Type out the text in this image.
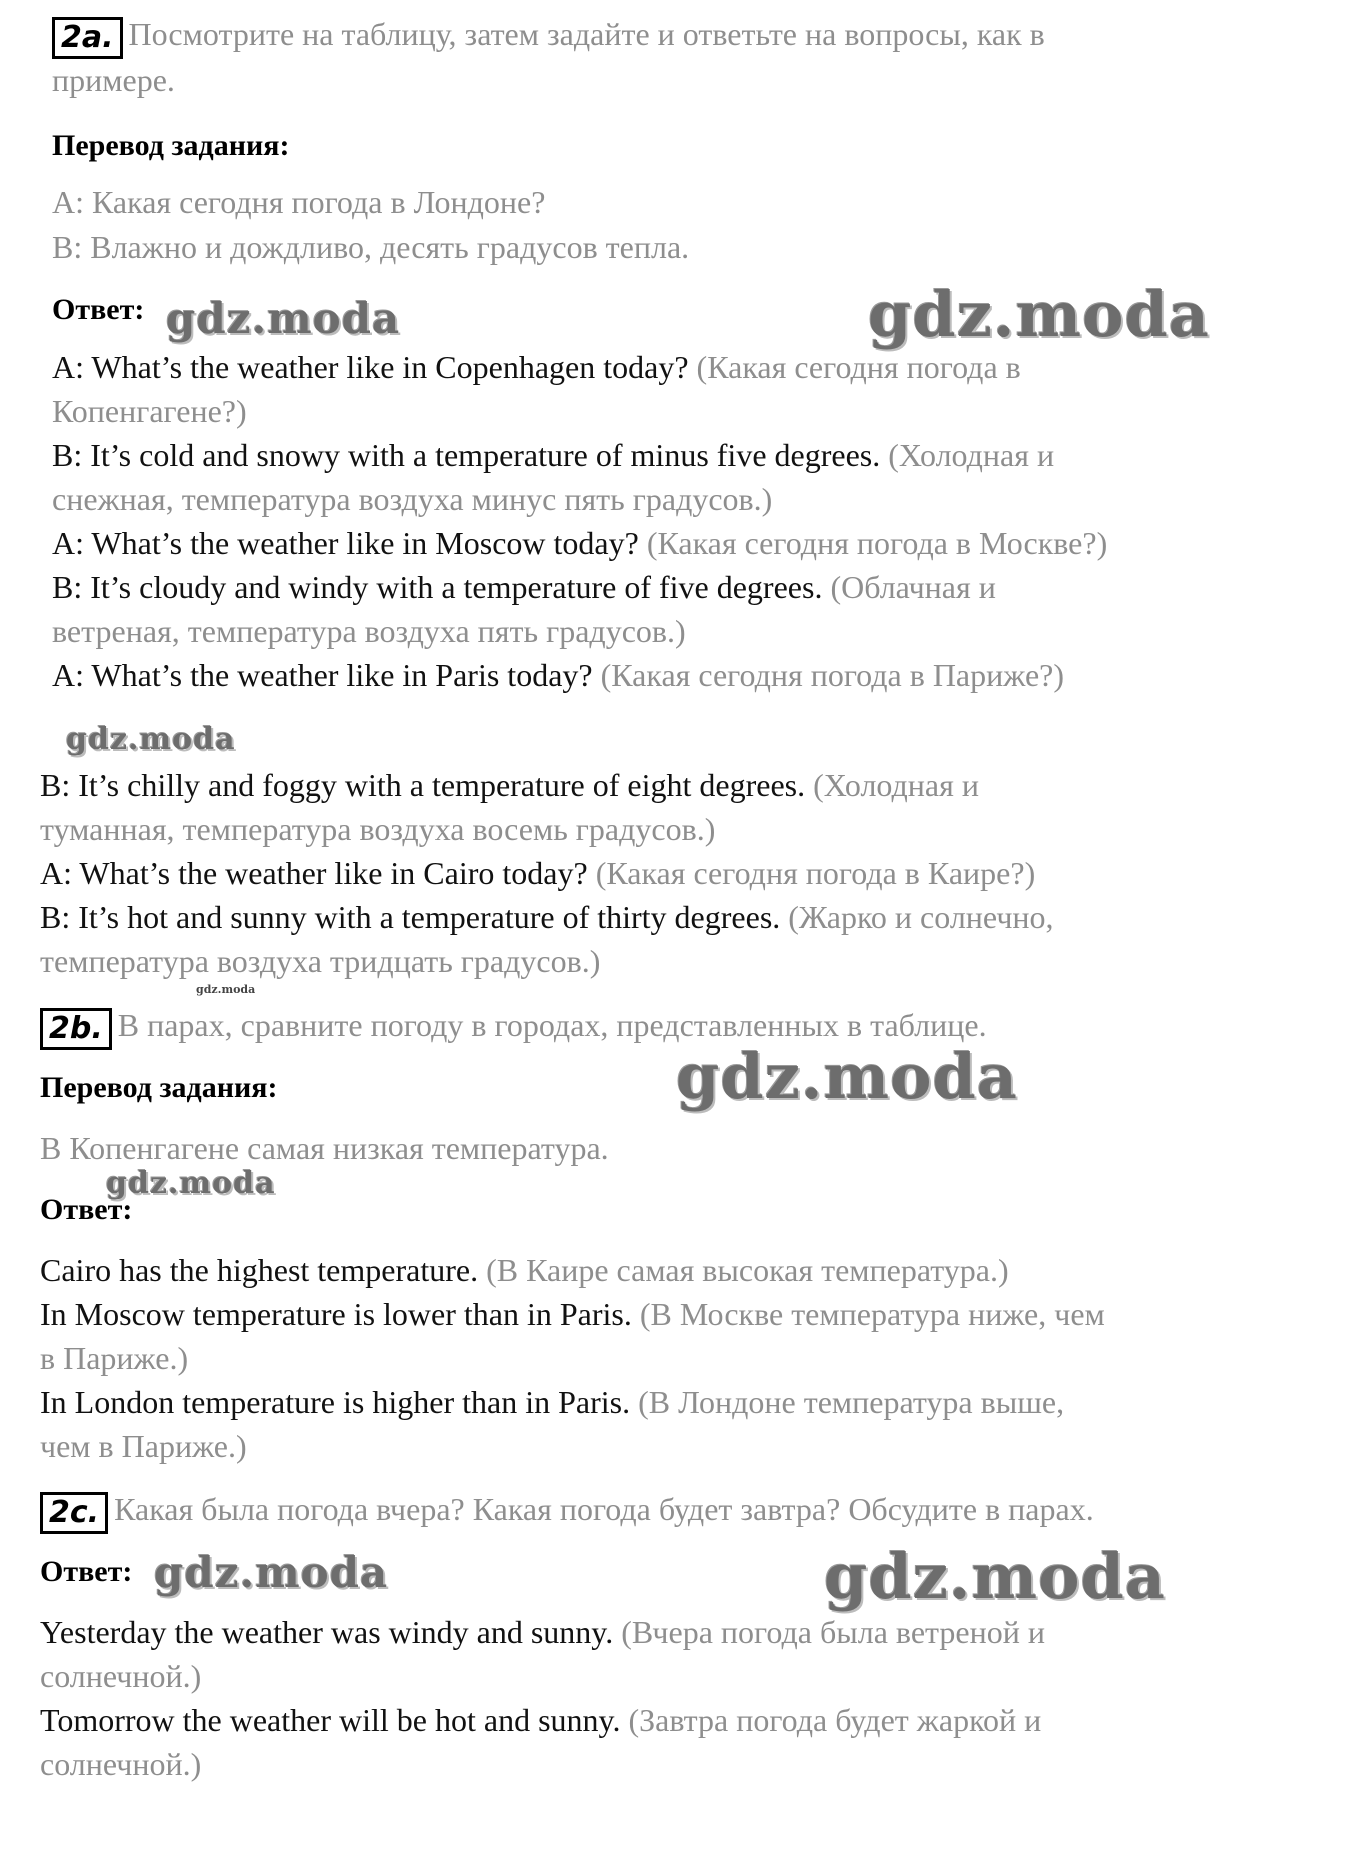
2a. Посмотрите на таблицу, затем задайте и ответьте на вопросы, как в
примере.
Перевод задания:
А: Какая сегодня погода в Лондоне?
В: Влажно и дождливо, десять градусов тепла.
Ответ:
A: What’s the weather like in Copenhagen today? (Какая сегодня погода в
Копенгагене?)
B: It’s cold and snowy with a temperature of minus five degrees. (Холодная и
снежная, температура воздуха минус пять градусов.)
A: What’s the weather like in Moscow today? (Какая сегодня погода в Москве?)
B: It’s cloudy and windy with a temperature of five degrees. (Облачная и
ветреная, температура воздуха пять градусов.)
A: What’s the weather like in Paris today? (Какая сегодня погода в Париже?)
B: It’s chilly and foggy with a temperature of eight degrees. (Холодная и
туманная, температура воздуха восемь градусов.)
A: What’s the weather like in Cairo today? (Какая сегодня погода в Каире?)
B: It’s hot and sunny with a temperature of thirty degrees. (Жарко и солнечно,
температура воздуха тридцать градусов.)
2b. В парах, сравните погоду в городах, представленных в таблице.
Перевод задания:
В Копенгагене самая низкая температура.
Ответ:
Cairo has the highest temperature. (В Каире самая высокая температура.)
In Moscow temperature is lower than in Paris. (В Москве температура ниже, чем
в Париже.)
In London temperature is higher than in Paris. (В Лондоне температура выше,
чем в Париже.)
2c. Какая была погода вчера? Какая погода будет завтра? Обсудите в парах.
Ответ:
Yesterday the weather was windy and sunny. (Вчера погода была ветреной и
солнечной.)
Tomorrow the weather will be hot and sunny. (Завтра погода будет жаркой и
солнечной.)
gdz.moda	gdz.moda
gdz.moda
gdz.moda
gdz.moda
gdz.moda
gdz.moda	gdz.moda
